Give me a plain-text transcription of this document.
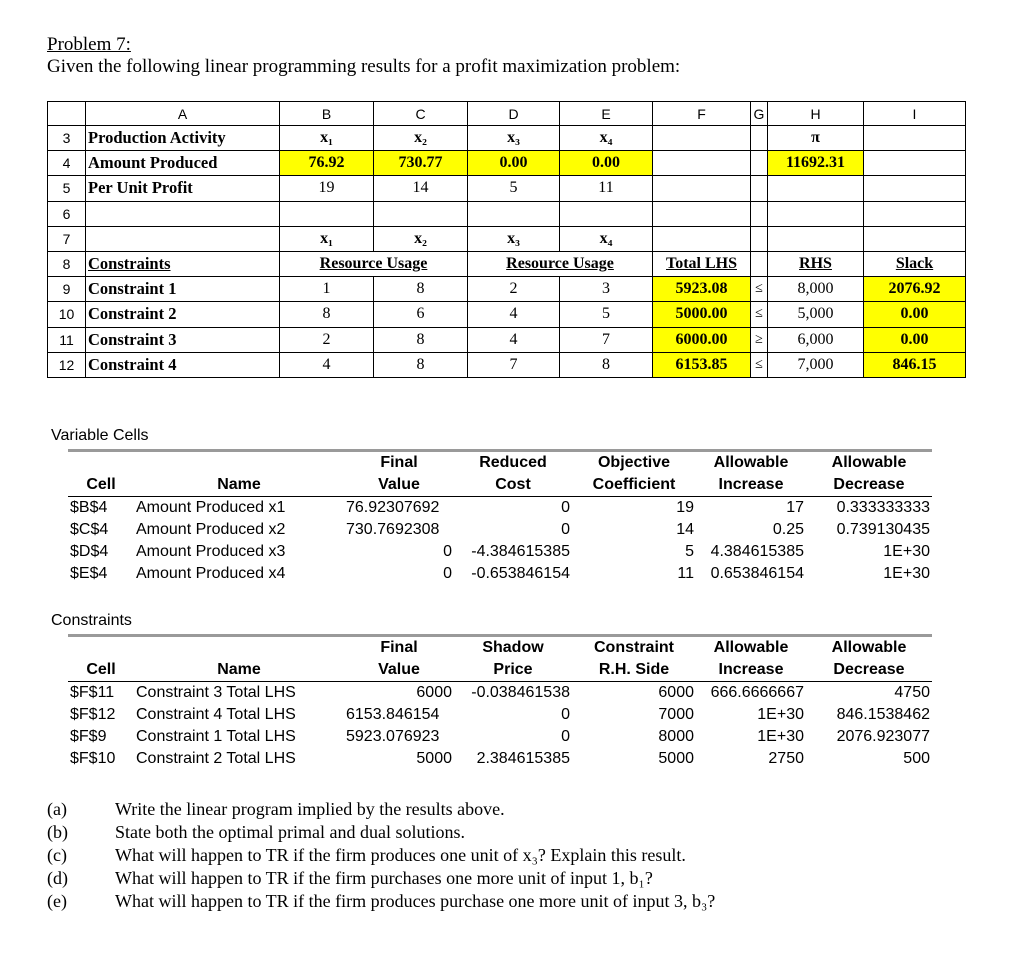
Problem 7:
Given the following linear programming results for a profit maximization problem:
	A	B	C	D	E	F	G	H	I
3	Production Activity	x₁	x₂	x₃	x₄			π	
4	Amount Produced	76.92	730.77	0.00	0.00			11692.31	
5	Per Unit Profit	19	14	5	11				
6									
7		x₁	x₂	x₃	x₄				
8	Constraints	Resource Usage		Resource Usage		Total LHS		RHS	Slack
9	Constraint 1	1	8	2	3	5923.08	≤	8,000	2076.92
10	Constraint 2	8	6	4	5	5000.00	≤	5,000	0.00
11	Constraint 3	2	8	4	7	6000.00	≥	6,000	0.00
12	Constraint 4	4	8	7	8	6153.85	≤	7,000	846.15
Variable Cells
		Final	Reduced	Objective	Allowable	Allowable
Cell	Name	Value	Cost	Coefficient	Increase	Decrease
$B$4	Amount Produced x1	76.92307692	0	19	17	0.333333333
$C$4	Amount Produced x2	730.7692308	0	14	0.25	0.739130435
$D$4	Amount Produced x3	0	-4.384615385	5	4.384615385	1E+30
$E$4	Amount Produced x4	0	-0.653846154	11	0.653846154	1E+30
Constraints
		Final	Shadow	Constraint	Allowable	Allowable
Cell	Name	Value	Price	R.H. Side	Increase	Decrease
$F$11	Constraint 3 Total LHS	6000	-0.038461538	6000	666.6666667	4750
$F$12	Constraint 4 Total LHS	6153.846154	0	7000	1E+30	846.1538462
$F$9	Constraint 1 Total LHS	5923.076923	0	8000	1E+30	2076.923077
$F$10	Constraint 2 Total LHS	5000	2.384615385	5000	2750	500
(a)	Write the linear program implied by the results above.
(b)	State both the optimal primal and dual solutions.
(c)	What will happen to TR if the firm produces one unit of x₃? Explain this result.
(d)	What will happen to TR if the firm purchases one more unit of input 1, b₁?
(e)	What will happen to TR if the firm produces purchase one more unit of input 3, b₃?
